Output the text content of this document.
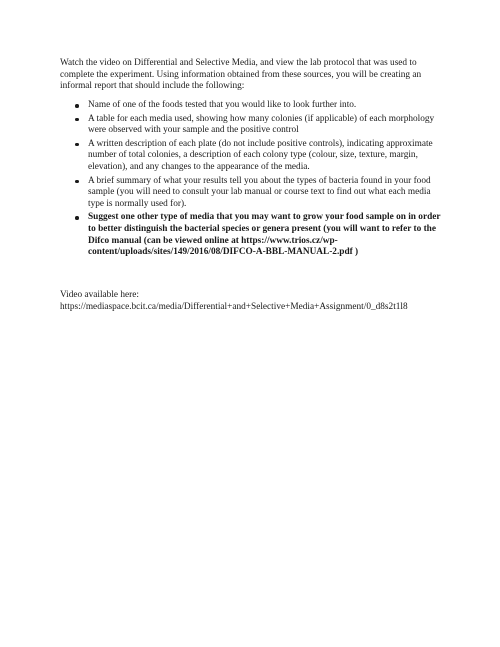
Watch the video on Differential and Selective Media, and view the lab protocol that was used to complete the experiment. Using information obtained from these sources, you will be creating an informal report that should include the following:

Name of one of the foods tested that you would like to look further into.
A table for each media used, showing how many colonies (if applicable) of each morphology were observed with your sample and the positive control
A written description of each plate (do not include positive controls), indicating approximate number of total colonies, a description of each colony type (colour, size, texture, margin, elevation), and any changes to the appearance of the media.
A brief summary of what your results tell you about the types of bacteria found in your food sample (you will need to consult your lab manual or course text to find out what each media type is normally used for).
Suggest one other type of media that you may want to grow your food sample on in order to better distinguish the bacterial species or genera present (you will want to refer to the Difco manual (can be viewed online at https://www.trios.cz/wp-content/uploads/sites/149/2016/08/DIFCO-A-BBL-MANUAL-2.pdf )

Video available here:

https://mediaspace.bcit.ca/media/Differential+and+Selective+Media+Assignment/0_d8s2t1l8
